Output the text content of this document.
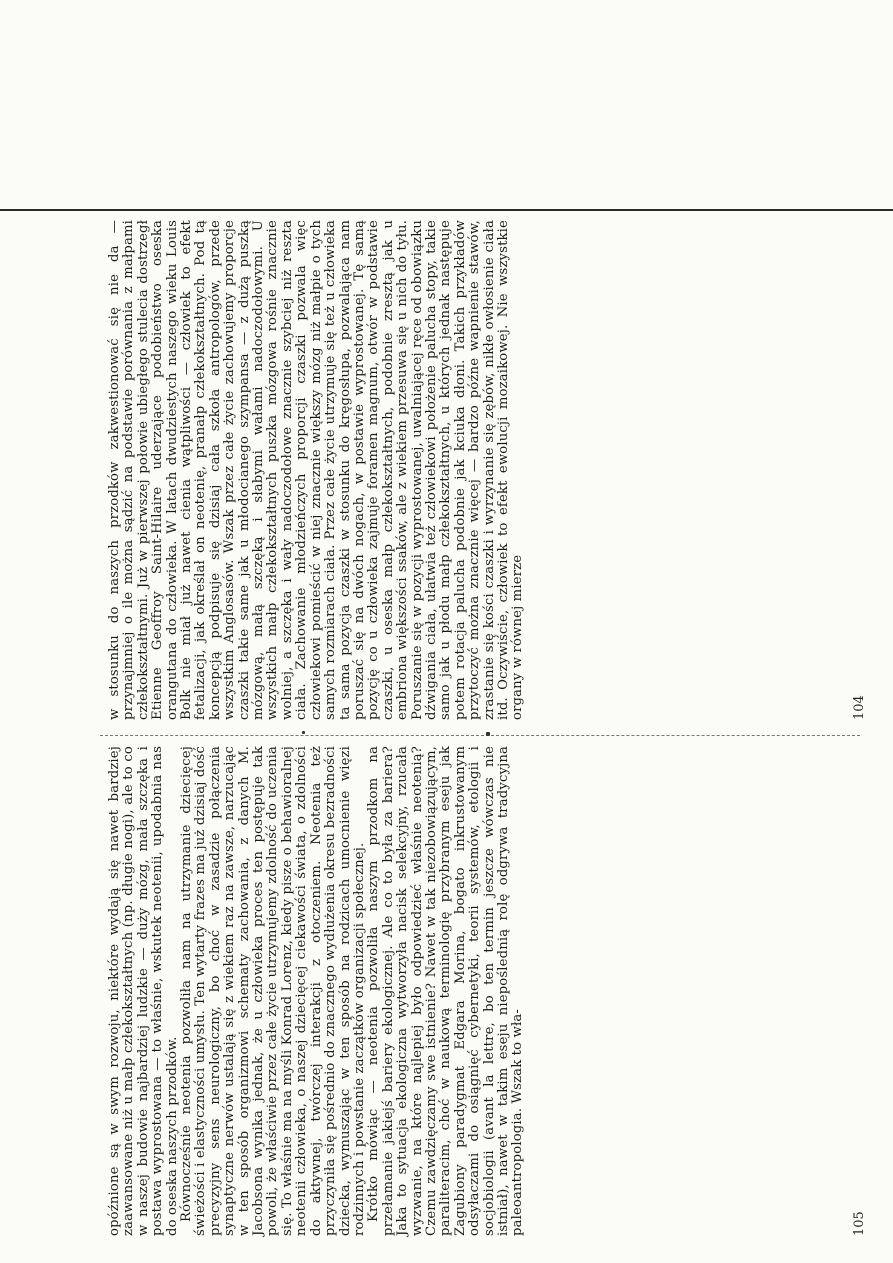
w stosunku do naszych przodków zakwestionować się nie da — przynajmniej o ile można sądzić na podstawie porównania z małpami człekokształtnymi. Już w pierwszej połowie ubiegłego stulecia dostrzegł Etienne Geoffroy Saint-Hilaire uderzające podobieństwo oseska orangutana do człowieka. W latach dwudziestych naszego wieku Louis Bolk nie miał już nawet cienia wątpliwości — człowiek to efekt fetalizacji, jak określał on neotenię, pranałp człekokształtnych. Pod tą koncepcją podpisuje się dzisiaj cała szkoła antropologów, przede wszystkim Anglosasów. Wszak przez całe życie zachowujemy proporcje czaszki takie same jak u młodocianego szympansa — z dużą puszką mózgową, małą szczęką i słabymi wałami nadoczodołowymi. U wszystkich małp człekokształtnych puszka mózgowa rośnie znacznie wolniej, a szczęka i wały nadoczodołowe znacznie szybciej niż reszta ciała. Zachowanie młodzieńczych proporcji czaszki pozwala więc człowiekowi pomieścić w niej znacznie większy mózg niż małpie o tych samych rozmiarach ciała. Przez całe życie utrzymuje się też u człowieka ta sama pozycja czaszki w stosunku do kręgosłupa, pozwalająca nam poruszać się na dwóch nogach, w postawie wyprostowanej. Tę samą pozycję co u człowieka zajmuje foramen magnum, otwór w podstawie czaszki, u oseska małp człekokształtnych, podobnie zresztą jak u embriona większości ssaków, ale z wiekiem przesuwa się u nich do tyłu. Poruszanie się w pozycji wyprostowanej, uwalniającej ręce od obowiązku dźwigania ciała, ułatwia też człowiekowi położenie palucha stopy, takie samo jak u płodu małp człekokształtnych, u których jednak następuje potem rotacja palucha podobnie jak kciuka dłoni. Takich przykładów przytoczyć można znacznie więcej — bardzo późne wapnienie stawów, zrastanie się kości czaszki i wyrzynanie się zębów, nikłe owłosienie ciała itd. Oczywiście, człowiek to efekt ewolucji mozaikowej. Nie wszystkie organy w równej mierze	104

opóźnione są w swym rozwoju, niektóre wydają się nawet bardziej zaawansowane niż u małp człekokształtnych (np. długie nogi), ale to co w naszej budowie najbardziej ludzkie — duży mózg, mała szczęka i postawa wyprostowana — to właśnie, wskutek neotenii, upodabnia nas do oseska naszych przodków. Równocześnie neotenia pozwoliła nam na utrzymanie dziecięcej świeżości i elastyczności umysłu. Ten wytarty frazes ma już dzisiaj dość precyzyjny sens neurologiczny, bo choć w zasadzie połączenia synaptyczne nerwów ustalają się z wiekiem raz na zawsze, narzucając w ten sposób organizmowi schematy zachowania, z danych M. Jacobsona wynika jednak, że u człowieka proces ten postępuje tak powoli, że właściwie przez całe życie utrzymujemy zdolność do uczenia się. To właśnie ma na myśli Konrad Lorenz, kiedy pisze o behawioralnej neotenii człowieka, o naszej dziecięcej ciekawości świata, o zdolności do aktywnej, twórczej interakcji z otoczeniem. Neotenia też przyczyniła się pośrednio do znacznego wydłużenia okresu bezradności dziecka, wymuszając w ten sposób na rodzicach umocnienie więzi rodzinnych i powstanie zaczątków organizacji społecznej. Krótko mówiąc — neotenia pozwoliła naszym przodkom na przełamanie jakiejś bariery ekologicznej. Ale co to była za bariera? Jaka to sytuacja ekologiczna wytworzyła nacisk selekcyjny, rzucała wyzwanie, na które najlepiej było odpowiedzieć właśnie neotenią? Czemu zawdzięczamy swe istnienie? Nawet w tak niezobowiązującym, paraliteracim, choć w naukową terminologię przybranym eseju jak Zagubiony paradygmat Edgara Morina, bogato inkrustowanym odsyłaczami do osiągnięć cybernetyki, teorii systemów, etologii i socjobiologii (avant la lettre, bo ten termin jeszcze wówczas nie istniał), nawet w takim eseju niepoślednią rolę odgrywa tradycyjna paleoantropologia. Wszak to wła-	105
